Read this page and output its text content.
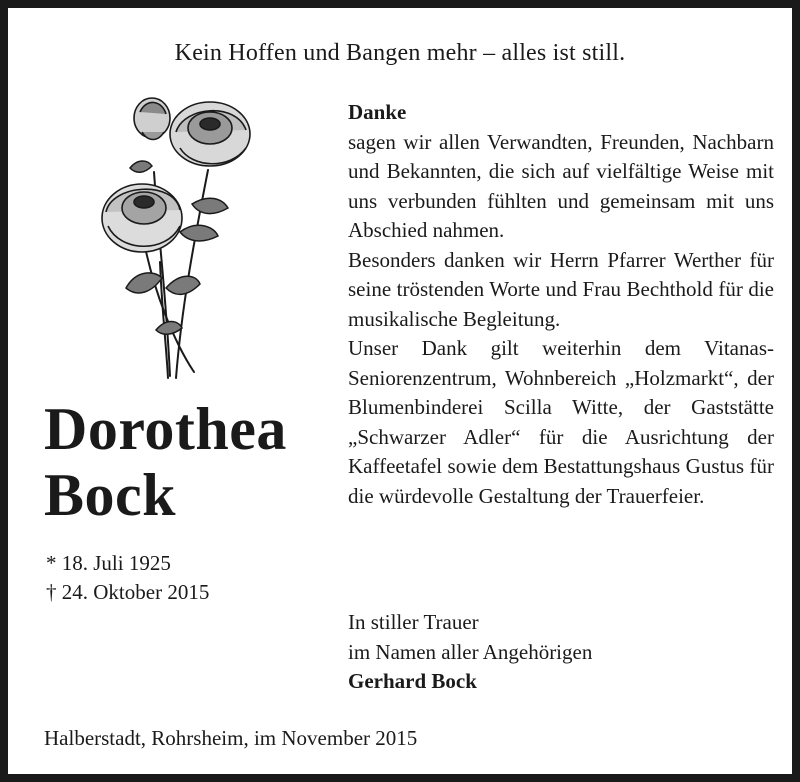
Kein Hoffen und Bangen mehr – alles ist still.
Dorothea
Bock
* 18. Juli 1925
† 24. Oktober 2015
Danke
sagen wir allen Verwandten, Freunden, Nachbarn und Bekannten, die sich auf vielfältige Weise mit uns verbunden fühlten und gemeinsam mit uns Abschied nahmen.
Besonders danken wir Herrn Pfarrer Werther für seine tröstenden Worte und Frau Bechthold für die musikalische Begleitung.
Unser Dank gilt weiterhin dem Vitanas-Seniorenzentrum, Wohnbereich „Holzmarkt“, der Blumenbinderei Scilla Witte, der Gaststätte „Schwarzer Adler“ für die Ausrichtung der Kaffeetafel sowie dem Bestattungshaus Gustus für die würdevolle Gestaltung der Trauerfeier.
In stiller Trauer
im Namen aller Angehörigen
Gerhard Bock
Halberstadt, Rohrsheim, im November 2015
